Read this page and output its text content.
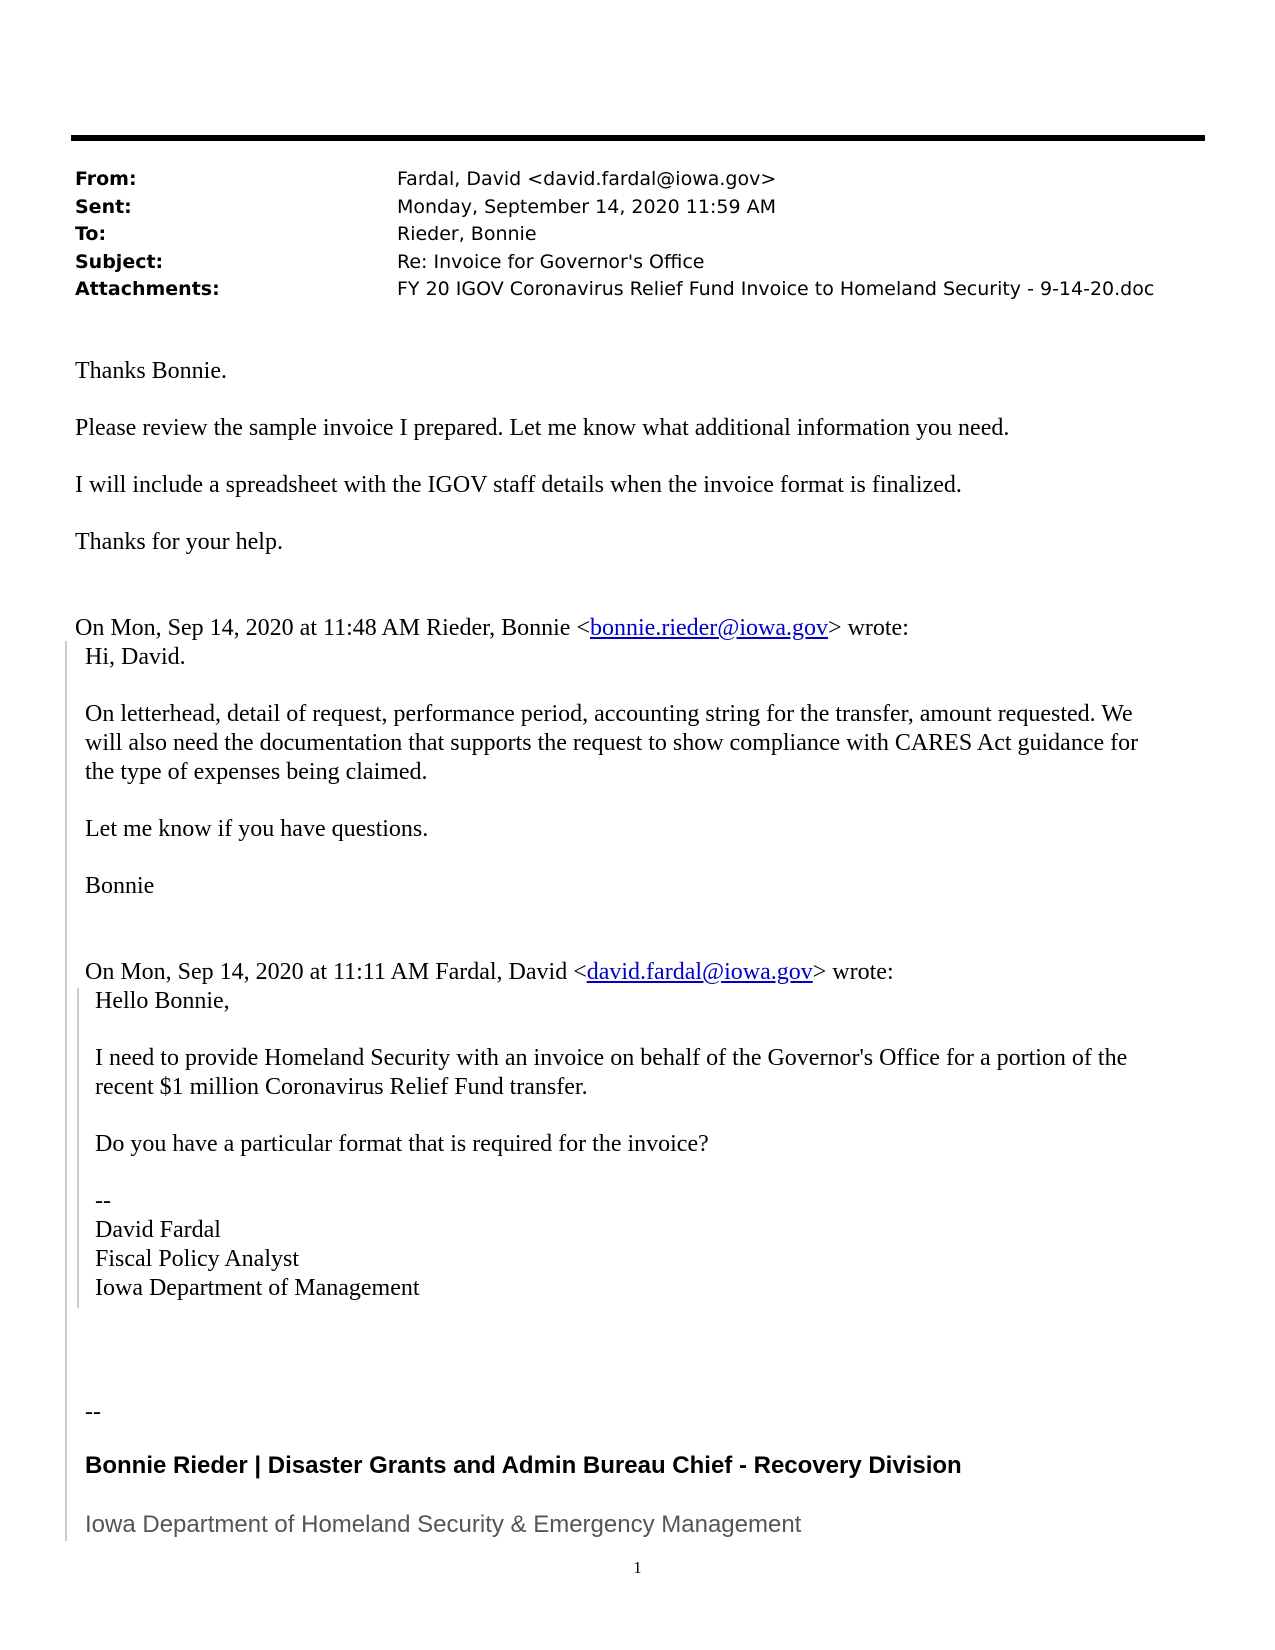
From:	Fardal, David <david.fardal@iowa.gov>
Sent:	Monday, September 14, 2020 11:59 AM
To:	Rieder, Bonnie
Subject:	Re: Invoice for Governor's Office
Attachments:	FY 20 IGOV Coronavirus Relief Fund Invoice to Homeland Security - 9-14-20.doc
Thanks Bonnie.
Please review the sample invoice I prepared. Let me know what additional information you need.
I will include a spreadsheet with the IGOV staff details when the invoice format is finalized.
Thanks for your help.
On Mon, Sep 14, 2020 at 11:48 AM Rieder, Bonnie <bonnie.rieder@iowa.gov> wrote:
Hi, David.
On letterhead, detail of request, performance period, accounting string for the transfer, amount requested. We
will also need the documentation that supports the request to show compliance with CARES Act guidance for
the type of expenses being claimed.
Let me know if you have questions.
Bonnie
On Mon, Sep 14, 2020 at 11:11 AM Fardal, David <david.fardal@iowa.gov> wrote:
Hello Bonnie,
I need to provide Homeland Security with an invoice on behalf of the Governor's Office for a portion of the
recent $1 million Coronavirus Relief Fund transfer.
Do you have a particular format that is required for the invoice?
--
David Fardal
Fiscal Policy Analyst
Iowa Department of Management
--
Bonnie Rieder | Disaster Grants and Admin Bureau Chief - Recovery Division
Iowa Department of Homeland Security & Emergency Management
1
